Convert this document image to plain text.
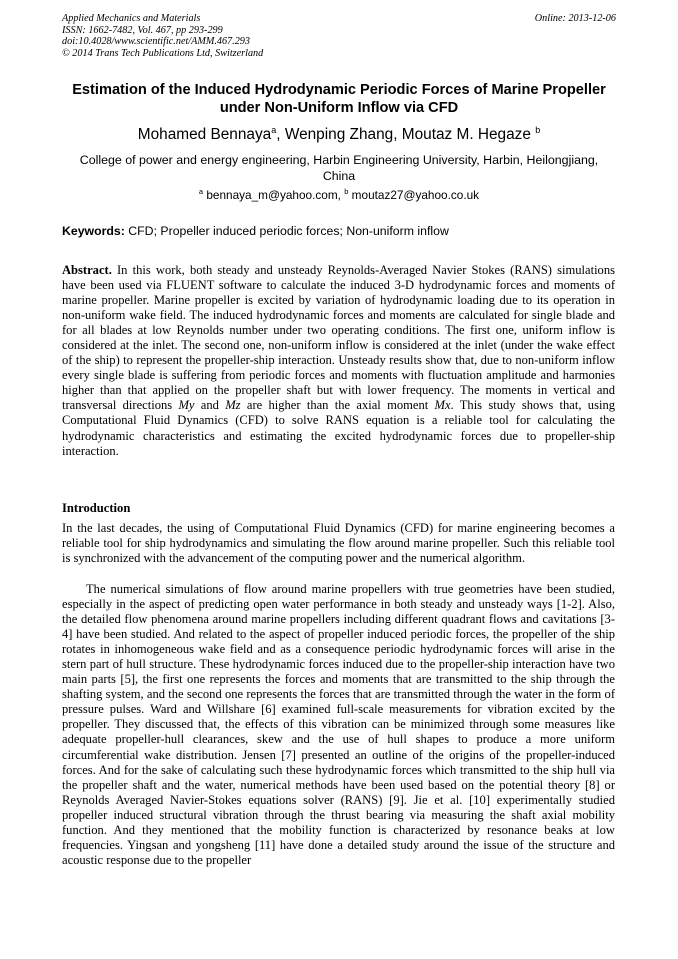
Applied Mechanics and Materials
ISSN: 1662-7482, Vol. 467, pp 293-299
doi:10.4028/www.scientific.net/AMM.467.293
© 2014 Trans Tech Publications Ltd, Switzerland
Online: 2013-12-06
Estimation of the Induced Hydrodynamic Periodic Forces of Marine Propeller under Non-Uniform Inflow via CFD
Mohamed Bennaya$^a$, Wenping Zhang, Moutaz M. Hegaze $^b$
College of power and energy engineering, Harbin Engineering University, Harbin, Heilongjiang, China
$^a$ bennaya_m@yahoo.com, $^b$ moutaz27@yahoo.co.uk
Keywords: CFD; Propeller induced periodic forces; Non-uniform inflow
Abstract. In this work, both steady and unsteady Reynolds-Averaged Navier Stokes (RANS) simulations have been used via FLUENT software to calculate the induced 3-D hydrodynamic forces and moments of marine propeller. Marine propeller is excited by variation of hydrodynamic loading due to its operation in non-uniform wake field. The induced hydrodynamic forces and moments are calculated for single blade and for all blades at low Reynolds number under two operating conditions. The first one, uniform inflow is considered at the inlet. The second one, non-uniform inflow is considered at the inlet (under the wake effect of the ship) to represent the propeller-ship interaction. Unsteady results show that, due to non-uniform inflow every single blade is suffering from periodic forces and moments with fluctuation amplitude and harmonies higher than that applied on the propeller shaft but with lower frequency. The moments in vertical and transversal directions My and Mz are higher than the axial moment Mx. This study shows that, using Computational Fluid Dynamics (CFD) to solve RANS equation is a reliable tool for calculating the hydrodynamic characteristics and estimating the excited hydrodynamic forces due to propeller-ship interaction.
Introduction
In the last decades, the using of Computational Fluid Dynamics (CFD) for marine engineering becomes a reliable tool for ship hydrodynamics and simulating the flow around marine propeller. Such this reliable tool is synchronized with the advancement of the computing power and the numerical algorithm.
The numerical simulations of flow around marine propellers with true geometries have been studied, especially in the aspect of predicting open water performance in both steady and unsteady ways [1-2]. Also, the detailed flow phenomena around marine propellers including different quadrant flows and cavitations [3-4] have been studied. And related to the aspect of propeller induced periodic forces, the propeller of the ship rotates in inhomogeneous wake field and as a consequence periodic hydrodynamic forces will arise in the stern part of hull structure. These hydrodynamic forces induced due to the propeller-ship interaction have two main parts [5], the first one represents the forces and moments that are transmitted to the ship through the shafting system, and the second one represents the forces that are transmitted through the water in the form of pressure pulses. Ward and Willshare [6] examined full-scale measurements for vibration excited by the propeller. They discussed that, the effects of this vibration can be minimized through some measures like adequate propeller-hull clearances, skew and the use of hull shapes to produce a more uniform circumferential wake distribution. Jensen [7] presented an outline of the origins of the propeller-induced forces. And for the sake of calculating such these hydrodynamic forces which transmitted to the ship hull via the propeller shaft and the water, numerical methods have been used based on the potential theory [8] or Reynolds Averaged Navier-Stokes equations solver (RANS) [9]. Jie et al. [10] experimentally studied propeller induced structural vibration through the thrust bearing via measuring the shaft axial mobility function. And they mentioned that the mobility function is characterized by resonance beaks at low frequencies. Yingsan and yongsheng [11] have done a detailed study around the issue of the structure and acoustic response due to the propeller
